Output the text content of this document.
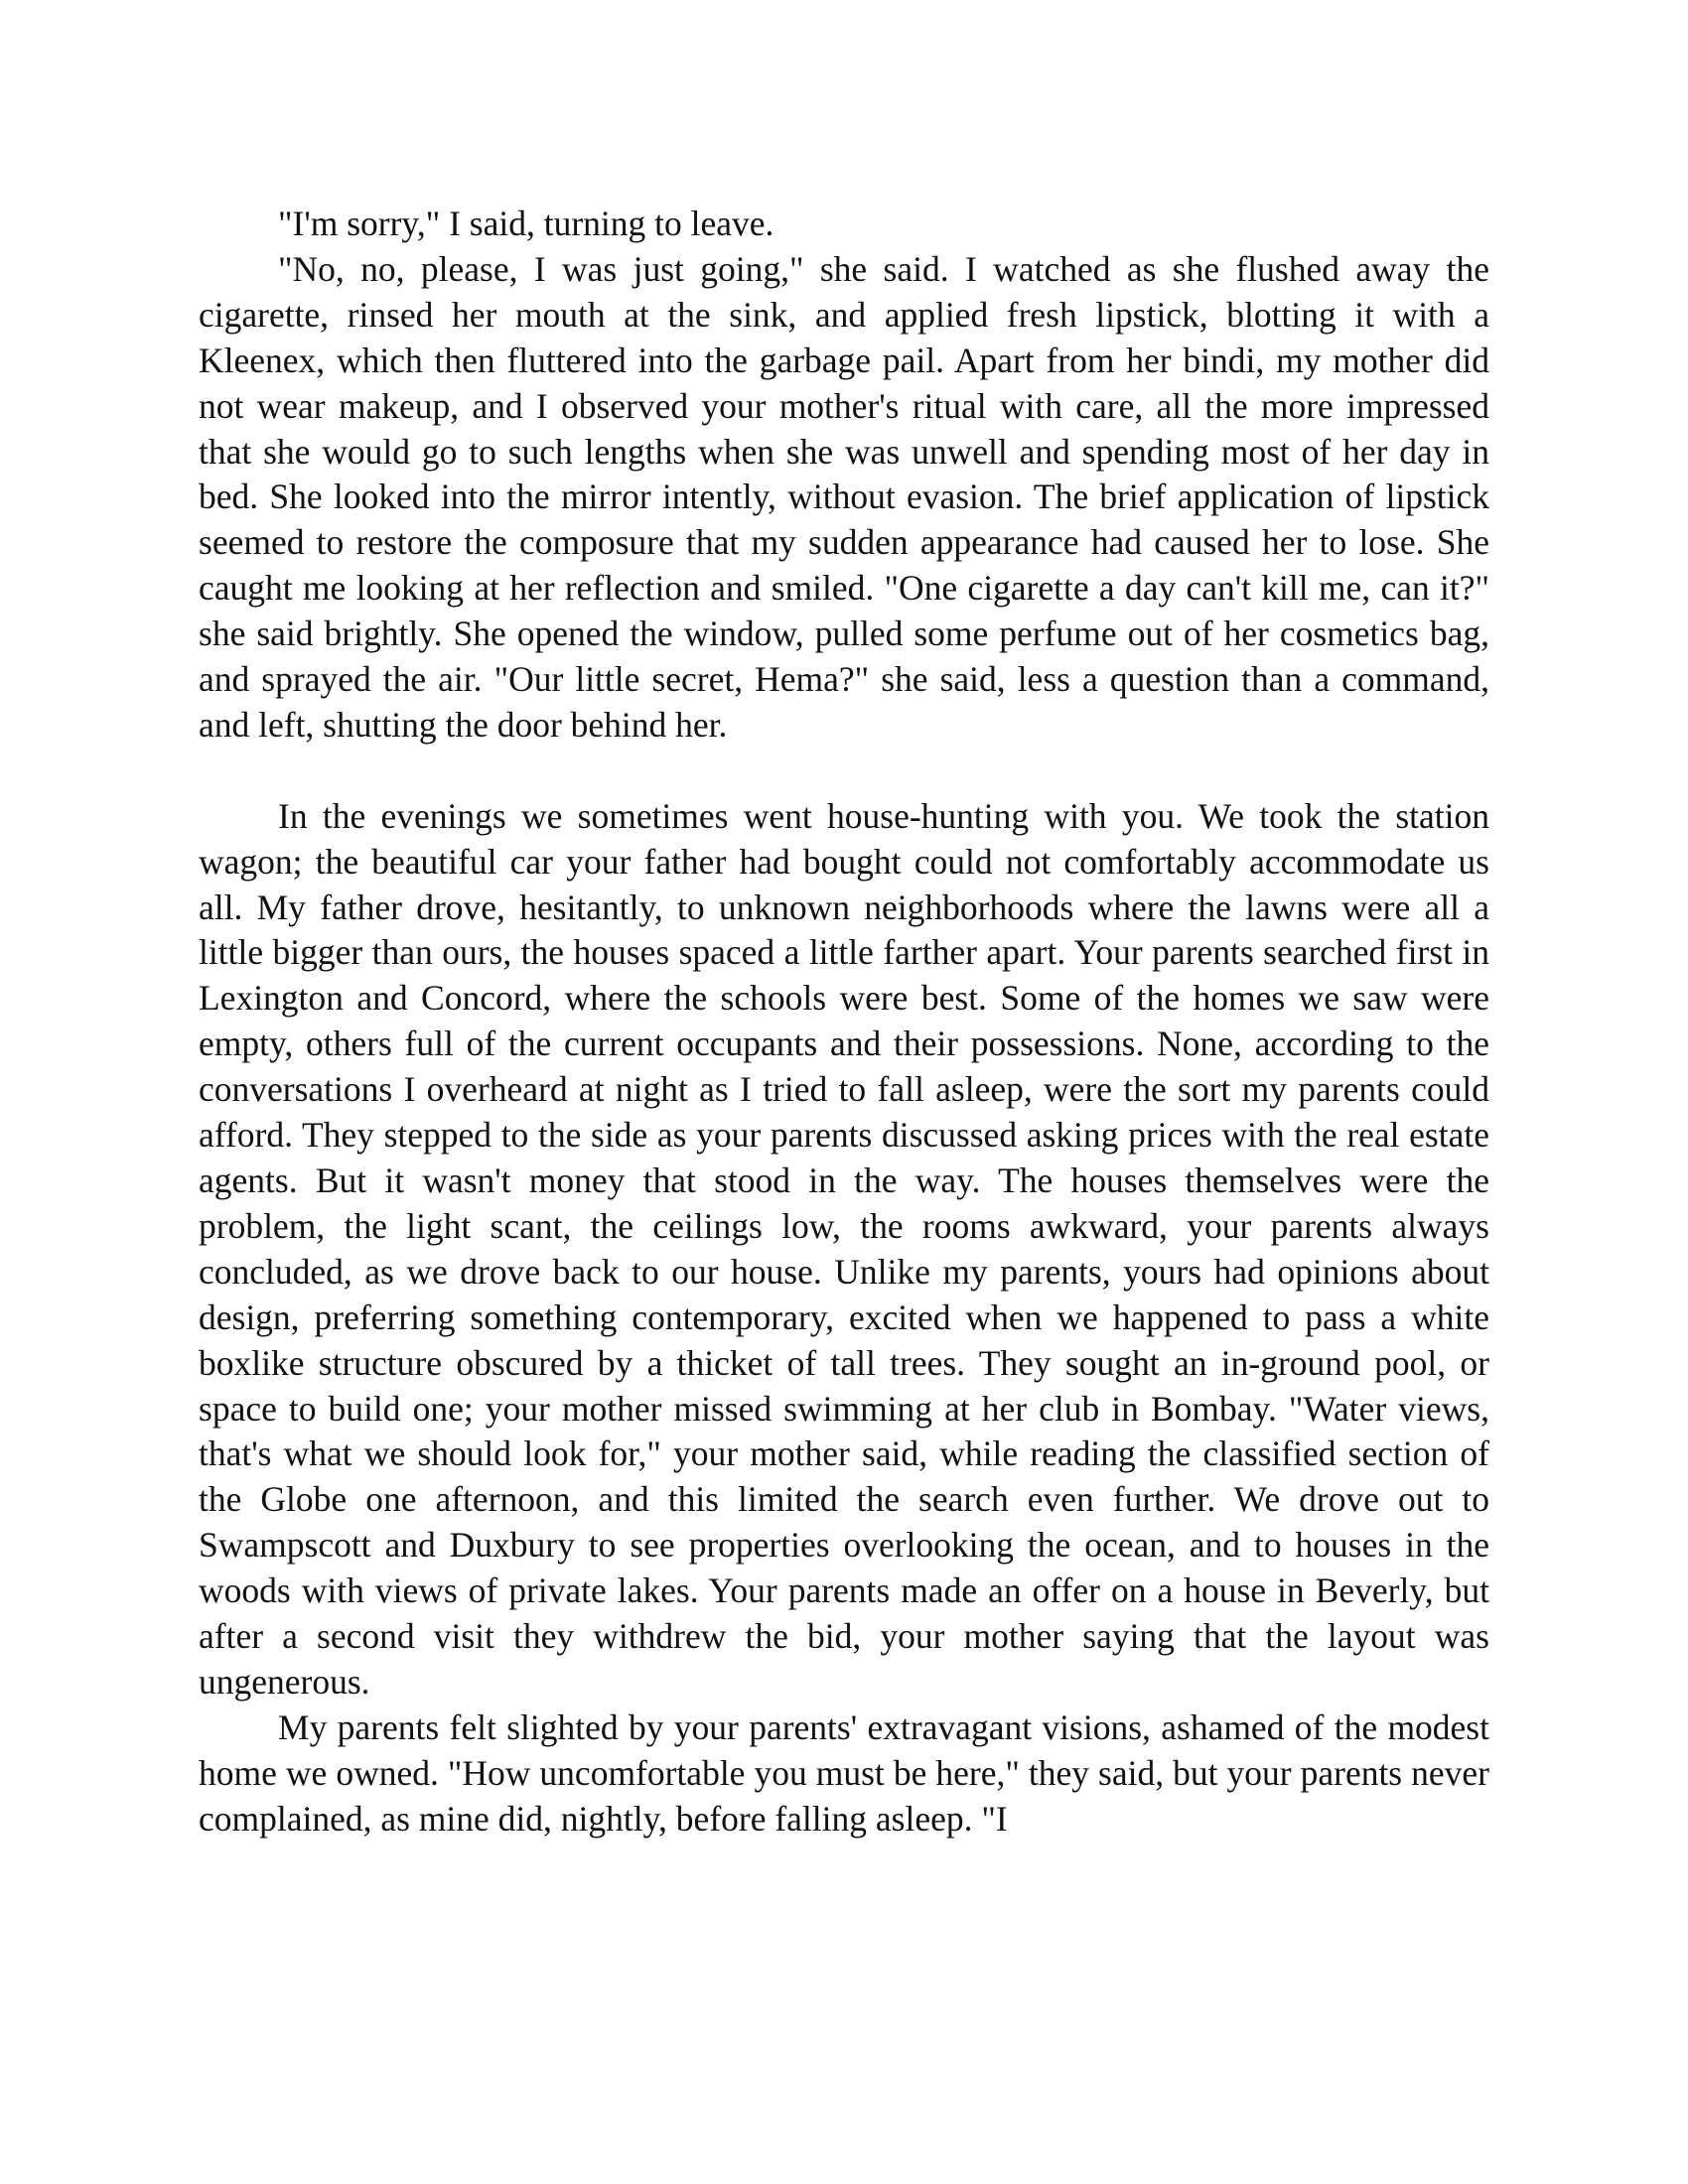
"I'm sorry," I said, turning to leave.

"No, no, please, I was just going," she said. I watched as she flushed away the cigarette, rinsed her mouth at the sink, and applied fresh lipstick, blotting it with a Kleenex, which then fluttered into the garbage pail. Apart from her bindi, my mother did not wear makeup, and I observed your mother's ritual with care, all the more impressed that she would go to such lengths when she was unwell and spending most of her day in bed. She looked into the mirror intently, without evasion. The brief application of lipstick seemed to restore the composure that my sudden appearance had caused her to lose. She caught me looking at her reflection and smiled. "One cigarette a day can't kill me, can it?" she said brightly. She opened the window, pulled some perfume out of her cosmetics bag, and sprayed the air. "Our little secret, Hema?" she said, less a question than a command, and left, shutting the door behind her.

In the evenings we sometimes went house-hunting with you. We took the station wagon; the beautiful car your father had bought could not comfortably accommodate us all. My father drove, hesitantly, to unknown neighborhoods where the lawns were all a little bigger than ours, the houses spaced a little farther apart. Your parents searched first in Lexington and Concord, where the schools were best. Some of the homes we saw were empty, others full of the current occupants and their possessions. None, according to the conversations I overheard at night as I tried to fall asleep, were the sort my parents could afford. They stepped to the side as your parents discussed asking prices with the real estate agents. But it wasn't money that stood in the way. The houses themselves were the problem, the light scant, the ceilings low, the rooms awkward, your parents always concluded, as we drove back to our house. Unlike my parents, yours had opinions about design, preferring something contemporary, excited when we happened to pass a white boxlike structure obscured by a thicket of tall trees. They sought an in-ground pool, or space to build one; your mother missed swimming at her club in Bombay. "Water views, that's what we should look for," your mother said, while reading the classified section of the Globe one afternoon, and this limited the search even further. We drove out to Swampscott and Duxbury to see properties overlooking the ocean, and to houses in the woods with views of private lakes. Your parents made an offer on a house in Beverly, but after a second visit they withdrew the bid, your mother saying that the layout was ungenerous.

My parents felt slighted by your parents' extravagant visions, ashamed of the modest home we owned. "How uncomfortable you must be here," they said, but your parents never complained, as mine did, nightly, before falling asleep. "I
